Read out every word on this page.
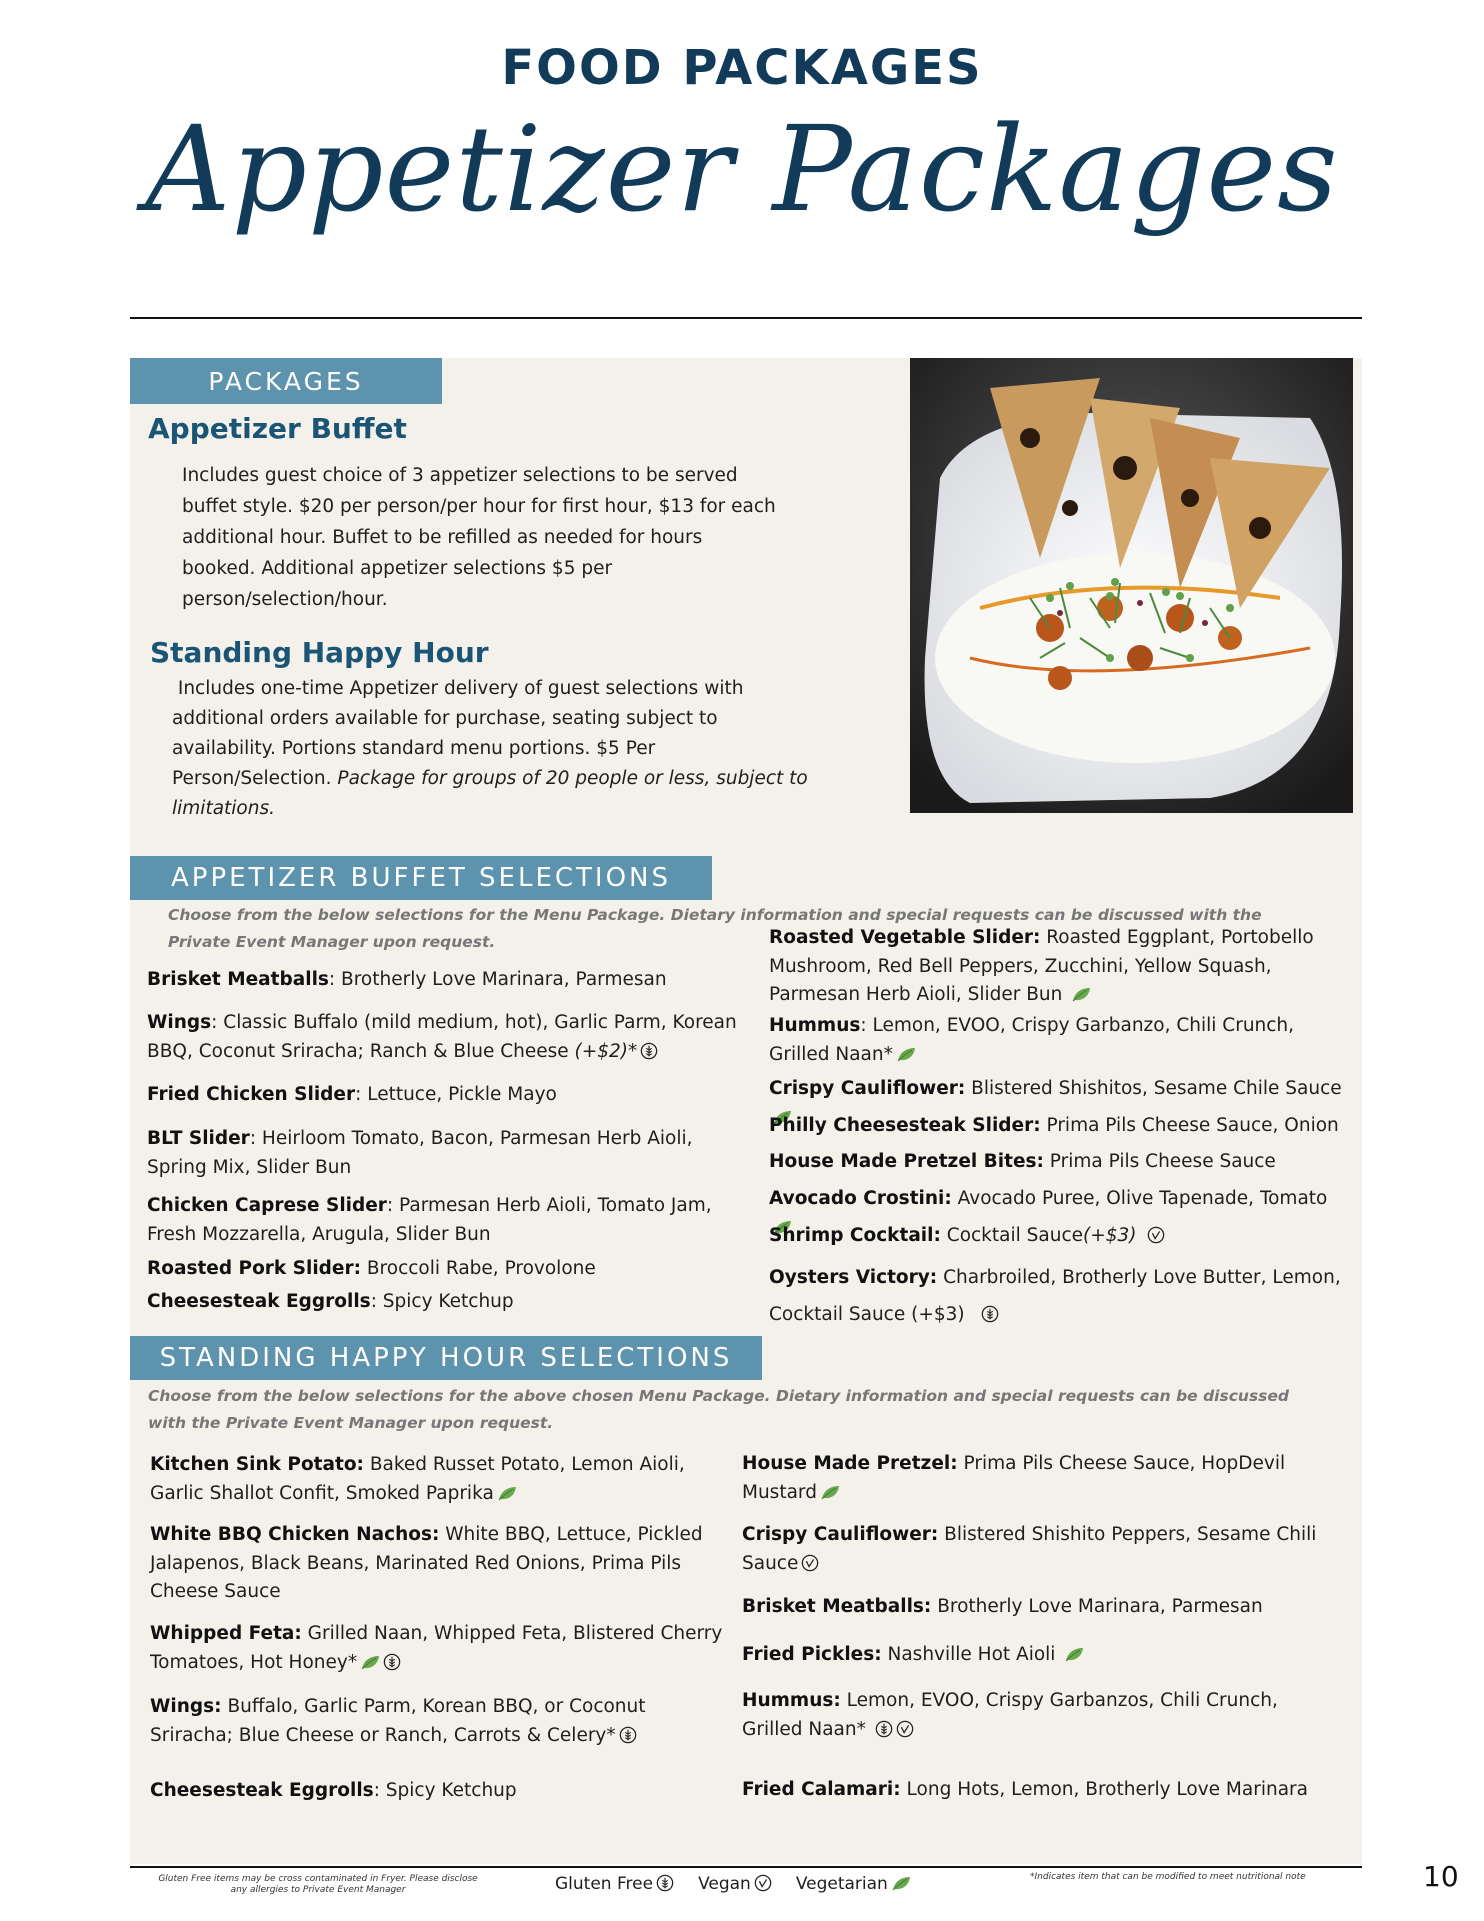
FOOD PACKAGES
Appetizer Packages
PACKAGES
Appetizer Buffet
Includes guest choice of 3 appetizer selections to be served
buffet style. $20 per person/per hour for first hour, $13 for each
additional hour. Buffet to be refilled as needed for hours
booked. Additional appetizer selections $5 per
person/selection/hour.
Standing Happy Hour
Includes one-time Appetizer delivery of guest selections with
additional orders available for purchase, seating subject to
availability. Portions standard menu portions. $5 Per
Person/Selection. Package for groups of 20 people or less, subject to
limitations.
APPETIZER BUFFET SELECTIONS
Choose from the below selections for the Menu Package. Dietary information and special requests can be discussed with the
Private Event Manager upon request.
Brisket Meatballs: Brotherly Love Marinara, Parmesan
Wings: Classic Buffalo (mild medium, hot), Garlic Parm, Korean BBQ, Coconut Sriracha; Ranch & Blue Cheese (+$2)*
Fried Chicken Slider: Lettuce, Pickle Mayo
BLT Slider: Heirloom Tomato, Bacon, Parmesan Herb Aioli, Spring Mix, Slider Bun
Chicken Caprese Slider: Parmesan Herb Aioli, Tomato Jam, Fresh Mozzarella, Arugula, Slider Bun
Roasted Pork Slider: Broccoli Rabe, Provolone
Cheesesteak Eggrolls: Spicy Ketchup
Roasted Vegetable Slider: Roasted Eggplant, Portobello Mushroom, Red Bell Peppers, Zucchini, Yellow Squash, Parmesan Herb Aioli, Slider Bun
Hummus: Lemon, EVOO, Crispy Garbanzo, Chili Crunch, Grilled Naan*
Crispy Cauliflower: Blistered Shishitos, Sesame Chile Sauce
Philly Cheesesteak Slider: Prima Pils Cheese Sauce, Onion
House Made Pretzel Bites: Prima Pils Cheese Sauce
Avocado Crostini: Avocado Puree, Olive Tapenade, Tomato
Shrimp Cocktail: Cocktail Sauce(+$3)
Oysters Victory: Charbroiled, Brotherly Love Butter, Lemon,
Cocktail Sauce (+$3)
STANDING HAPPY HOUR SELECTIONS
Choose from the below selections for the above chosen Menu Package. Dietary information and special requests can be discussed
with the Private Event Manager upon request.
Kitchen Sink Potato: Baked Russet Potato, Lemon Aioli, Garlic Shallot Confit, Smoked Paprika
White BBQ Chicken Nachos: White BBQ, Lettuce, Pickled Jalapenos, Black Beans, Marinated Red Onions, Prima Pils Cheese Sauce
Whipped Feta: Grilled Naan, Whipped Feta, Blistered Cherry Tomatoes, Hot Honey*
Wings: Buffalo, Garlic Parm, Korean BBQ, or Coconut Sriracha; Blue Cheese or Ranch, Carrots & Celery*
Cheesesteak Eggrolls: Spicy Ketchup
House Made Pretzel: Prima Pils Cheese Sauce, HopDevil Mustard
Crispy Cauliflower: Blistered Shishito Peppers, Sesame Chili Sauce
Brisket Meatballs: Brotherly Love Marinara, Parmesan
Fried Pickles: Nashville Hot Aioli
Hummus: Lemon, EVOO, Crispy Garbanzos, Chili Crunch, Grilled Naan*
Fried Calamari: Long Hots, Lemon, Brotherly Love Marinara
Gluten Free items may be cross contaminated in Fryer. Please disclose
any allergies to Private Event Manager	Gluten Free	Vegan	Vegetarian	*Indicates item that can be modified to meet nutritional note	10
